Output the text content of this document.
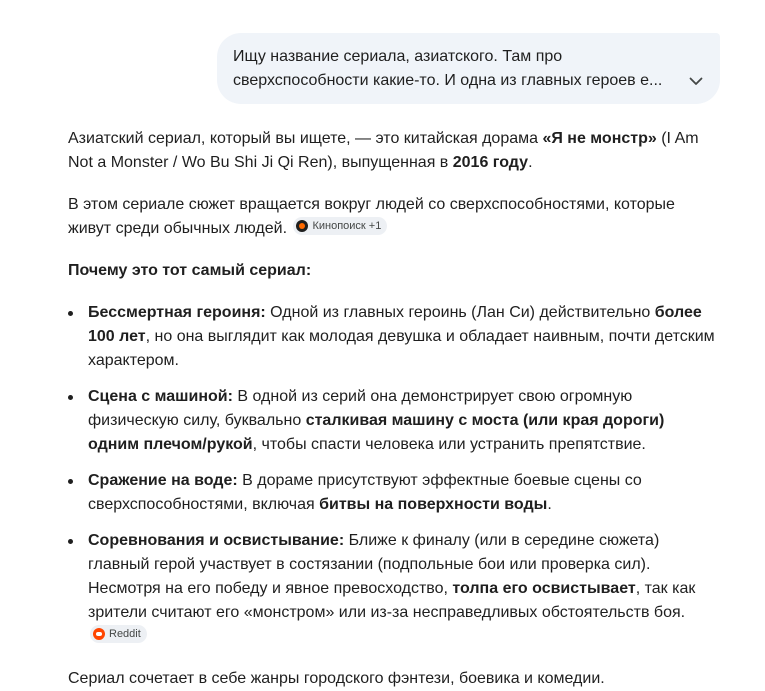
Ищу название сериала, азиатского. Там про
сверхспособности какие-то. И одна из главных героев е...

Азиатский сериал, который вы ищете, — это китайская дорама «Я не монстр» (I Am Not a Monster / Wo Bu Shi Ji Qi Ren), выпущенная в 2016 году.

В этом сериале сюжет вращается вокруг людей со сверхспособностями, которые живут среди обычных людей. Кинопоиск +1

Почему это тот самый сериал:

Бессмертная героиня: Одной из главных героинь (Лан Си) действительно более 100 лет, но она выглядит как молодая девушка и обладает наивным, почти детским характером.
Сцена с машиной: В одной из серий она демонстрирует свою огромную физическую силу, буквально сталкивая машину с моста (или края дороги) одним плечом/рукой, чтобы спасти человека или устранить препятствие.
Сражение на воде: В дораме присутствуют эффектные боевые сцены со сверхспособностями, включая битвы на поверхности воды.
Соревнования и освистывание: Ближе к финалу (или в середине сюжета) главный герой участвует в состязании (подпольные бои или проверка сил). Несмотря на его победу и явное превосходство, толпа его освистывает, так как зрители считают его «монстром» или из-за несправедливых обстоятельств боя.
Reddit

Сериал сочетает в себе жанры городского фэнтези, боевика и комедии.
